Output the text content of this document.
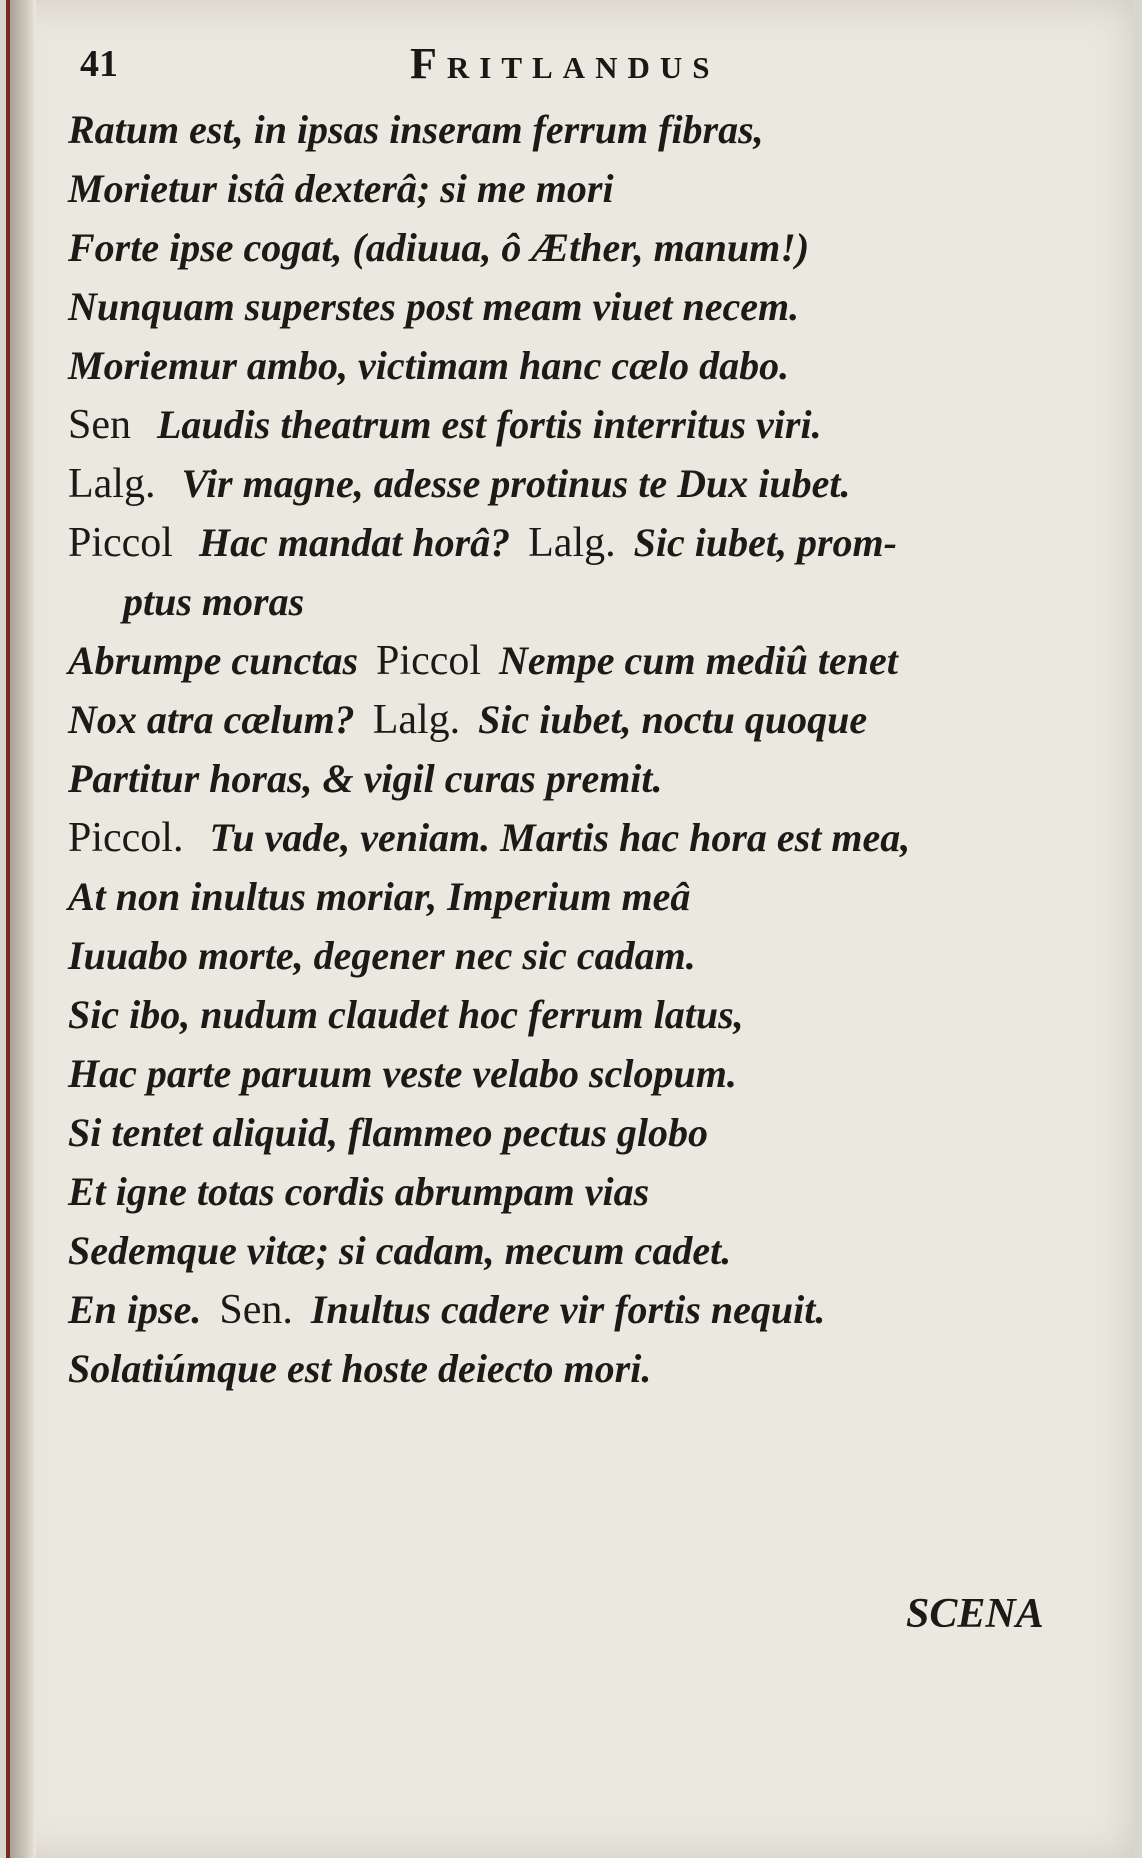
41	Fritlandus
Ratum est, in ipsas inseram ferrum fibras,
Morietur istâ dexterâ; si me mori
Forte ipse cogat, (adiuua, ô Æther, manum!)
Nunquam superstes post meam viuet necem.
Moriemur ambo, victimam hanc cælo dabo.
Sen Laudis theatrum est fortis interritus viri.
Lalg. Vir magne, adesse protinus te Dux iubet.
Piccol Hac mandat horâ? Lalg. Sic iubet, prom-
ptus moras
Abrumpe cunctas Piccol Nempe cum mediû tenet
Nox atra cælum? Lalg. Sic iubet, noctu quoque
Partitur horas, & vigil curas premit.
Piccol. Tu vade, veniam. Martis hac hora est mea,
At non inultus moriar, Imperium meâ
Iuuabo morte, degener nec sic cadam.
Sic ibo, nudum claudet hoc ferrum latus,
Hac parte paruum veste velabo sclopum.
Si tentet aliquid, flammeo pectus globo
Et igne totas cordis abrumpam vias
Sedemque vitæ; si cadam, mecum cadet.
En ipse. Sen. Inultus cadere vir fortis nequit.
Solatiúmque est hoste deiecto mori.
SCENA
